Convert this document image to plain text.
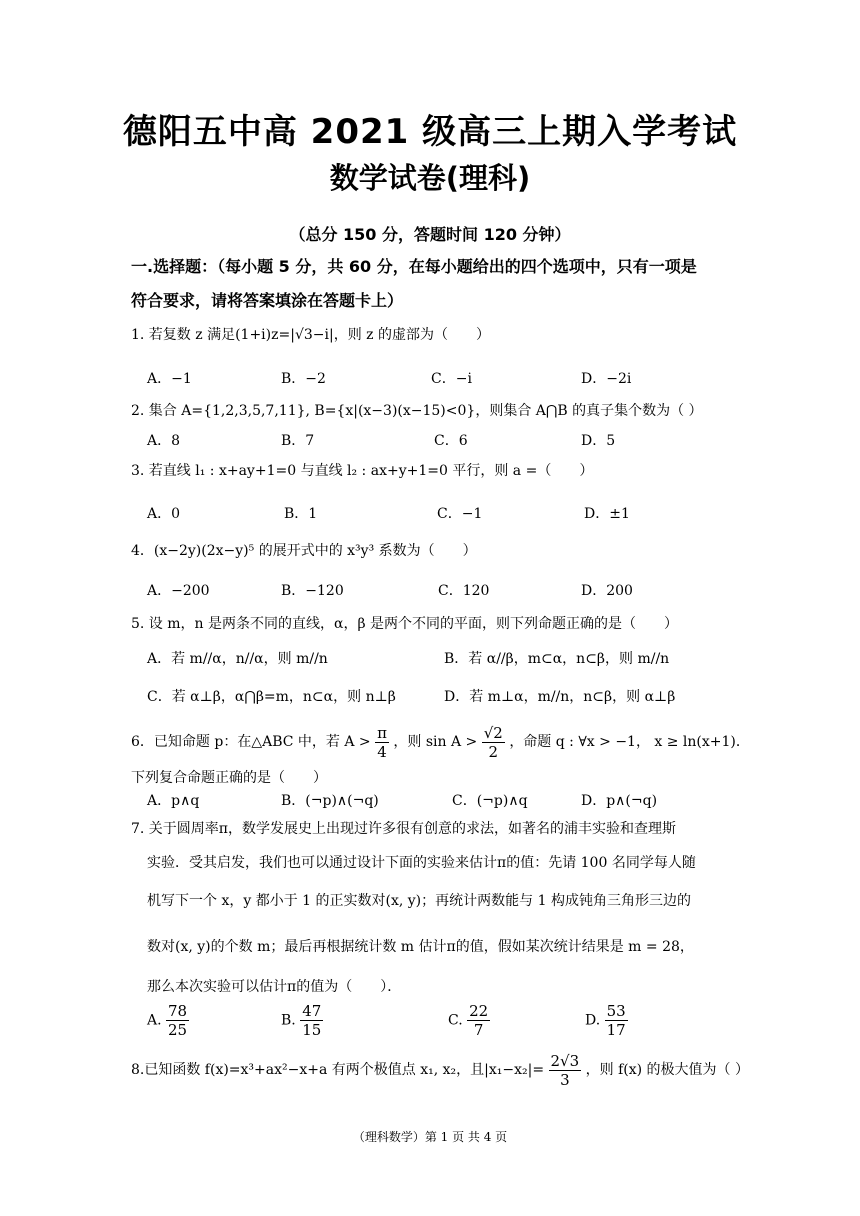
德阳五中高 2021 级高三上期入学考试
数学试卷(理科)
（总分 150 分，答题时间 120 分钟）
一.选择题：（每小题 5 分，共 60 分，在每小题给出的四个选项中，只有一项是
符合要求，请将答案填涂在答题卡上）
1. 若复数 z 满足(1+i)z=|√3−i|，则 z 的虚部为（　　）
A．−1	B．−2	C．−i	D．−2i
2. 集合 A={1,2,3,5,7,11}, B={x|(x−3)(x−15)<0}，则集合 A⋂B 的真子集个数为（ ）
A．8	B．7	C．6	D．5
3. 若直线 l₁ : x+ay+1=0 与直线 l₂ : ax+y+1=0 平行，则 a =（　　）
A．0	B．1	C．−1	D．±1
4．(x−2y)(2x−y)⁵ 的展开式中的 x³y³ 系数为（　　）
A．−200	B．−120	C．120	D．200
5. 设 m，n 是两条不同的直线，α，β 是两个不同的平面，则下列命题正确的是（　　）
A．若 m//α，n//α，则 m//n	B．若 α//β，m⊂α，n⊂β，则 m//n
C．若 α⊥β，α⋂β=m，n⊂α，则 n⊥β	D．若 m⊥α，m//n，n⊂β，则 α⊥β
6．已知命题 p：在△ABC 中，若 $A > \frac{\pi}{4}$ ，则 $\sin A > \frac{√2}{2}$ ，命题 q : ∀x > −1， x ≥ ln(x+1)．
下列复合命题正确的是（　　）
A．p∧q	B．(¬p)∧(¬q)	C．(¬p)∧q	D．p∧(¬q)
7. 关于圆周率π，数学发展史上出现过许多很有创意的求法，如著名的浦丰实验和查理斯
实验．受其启发，我们也可以通过设计下面的实验来估计π的值：先请 100 名同学每人随
机写下一个 x，y 都小于 1 的正实数对(x, y)；再统计两数能与 1 构成钝角三角形三边的
数对(x, y)的个数 m；最后再根据统计数 m 估计π的值，假如某次统计结果是 m = 28，
那么本次实验可以估计π的值为（　　）．
A. $\frac{78}{25}$	B. $\frac{47}{15}$	C. $\frac{22}{7}$	D. $\frac{53}{17}$
8.已知函数 f(x)=x³+ax²−x+a 有两个极值点 x₁, x₂，且$|x_1-x_2|= \frac{2√3}{3}$ ，则 f(x) 的极大值为（ ）
（理科数学）第 1 页 共 4 页
